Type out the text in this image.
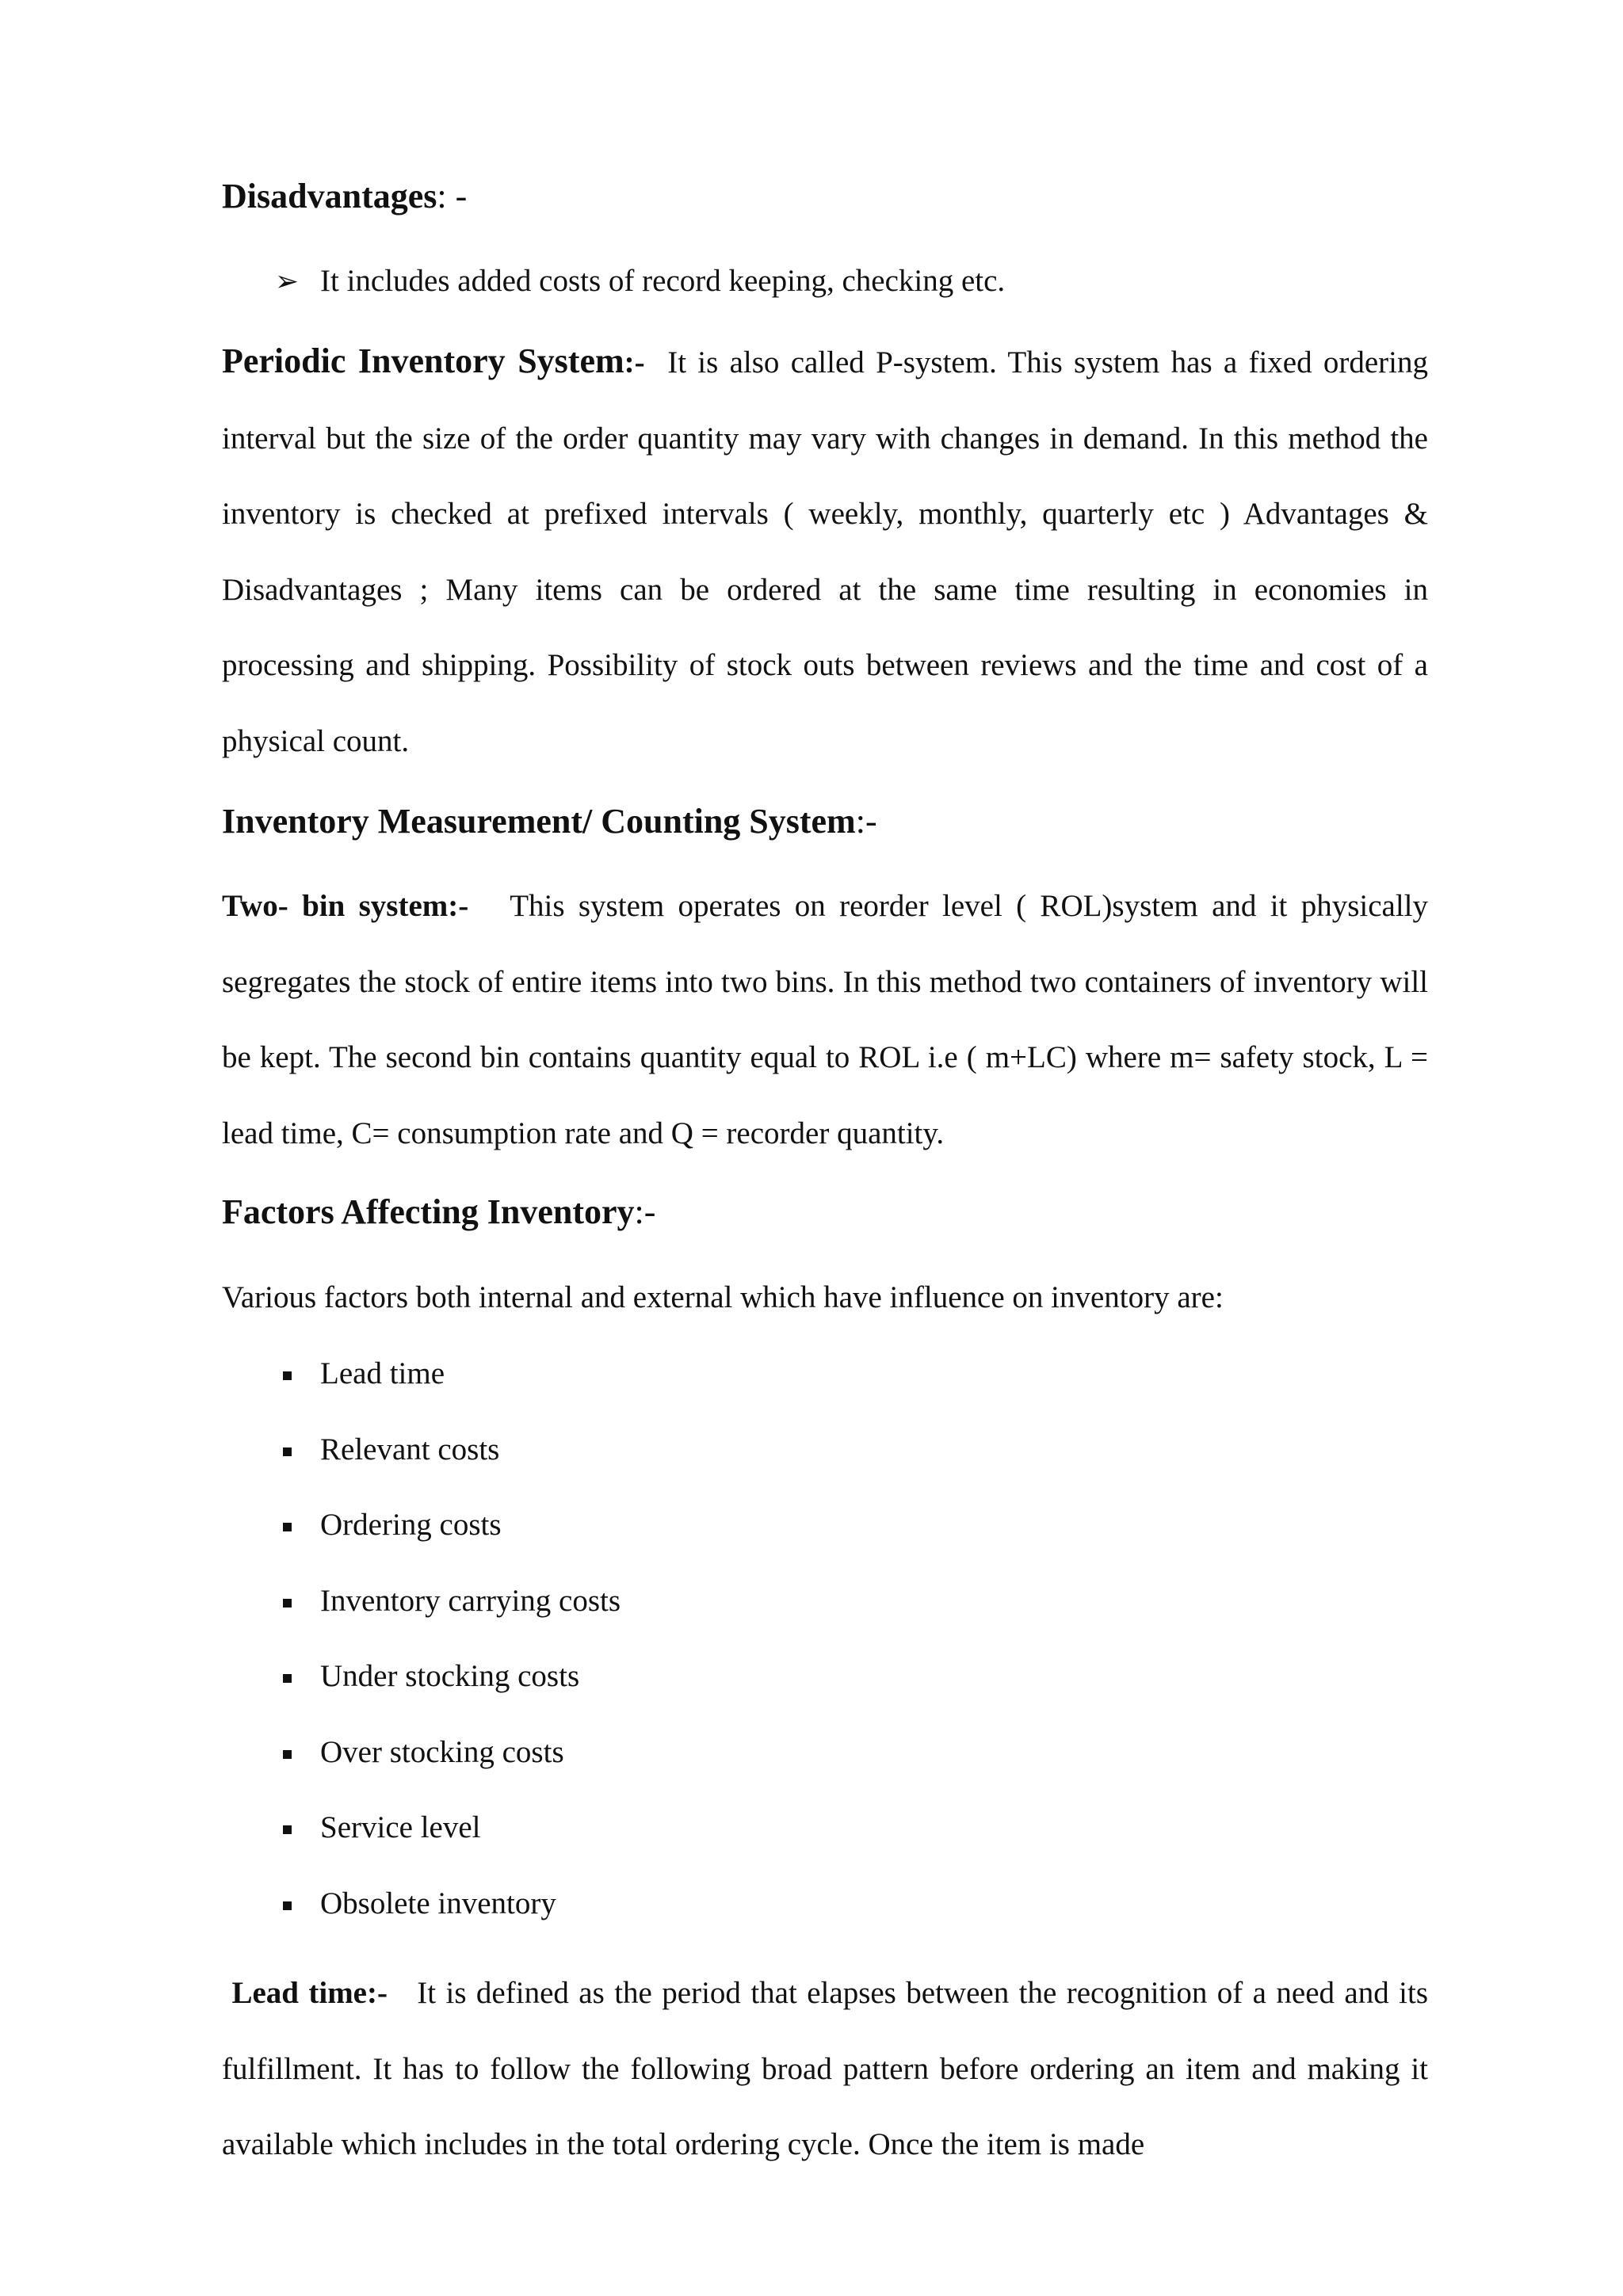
Disadvantages: -
➢ It includes added costs of record keeping, checking etc.
Periodic Inventory System:- It is also called P-system. This system has a fixed ordering interval but the size of the order quantity may vary with changes in demand. In this method the inventory is checked at prefixed intervals ( weekly, monthly, quarterly etc ) Advantages & Disadvantages ; Many items can be ordered at the same time resulting in economies in processing and shipping. Possibility of stock outs between reviews and the time and cost of a physical count.
Inventory Measurement/ Counting System:-
Two- bin system:- This system operates on reorder level ( ROL)system and it physically segregates the stock of entire items into two bins. In this method two containers of inventory will be kept. The second bin contains quantity equal to ROL i.e ( m+LC) where m= safety stock, L = lead time, C= consumption rate and Q = recorder quantity.
Factors Affecting Inventory:-
Various factors both internal and external which have influence on inventory are:
Lead time
Relevant costs
Ordering costs
Inventory carrying costs
Under stocking costs
Over stocking costs
Service level
Obsolete inventory
Lead time:- It is defined as the period that elapses between the recognition of a need and its fulfillment. It has to follow the following broad pattern before ordering an item and making it available which includes in the total ordering cycle. Once the item is made
